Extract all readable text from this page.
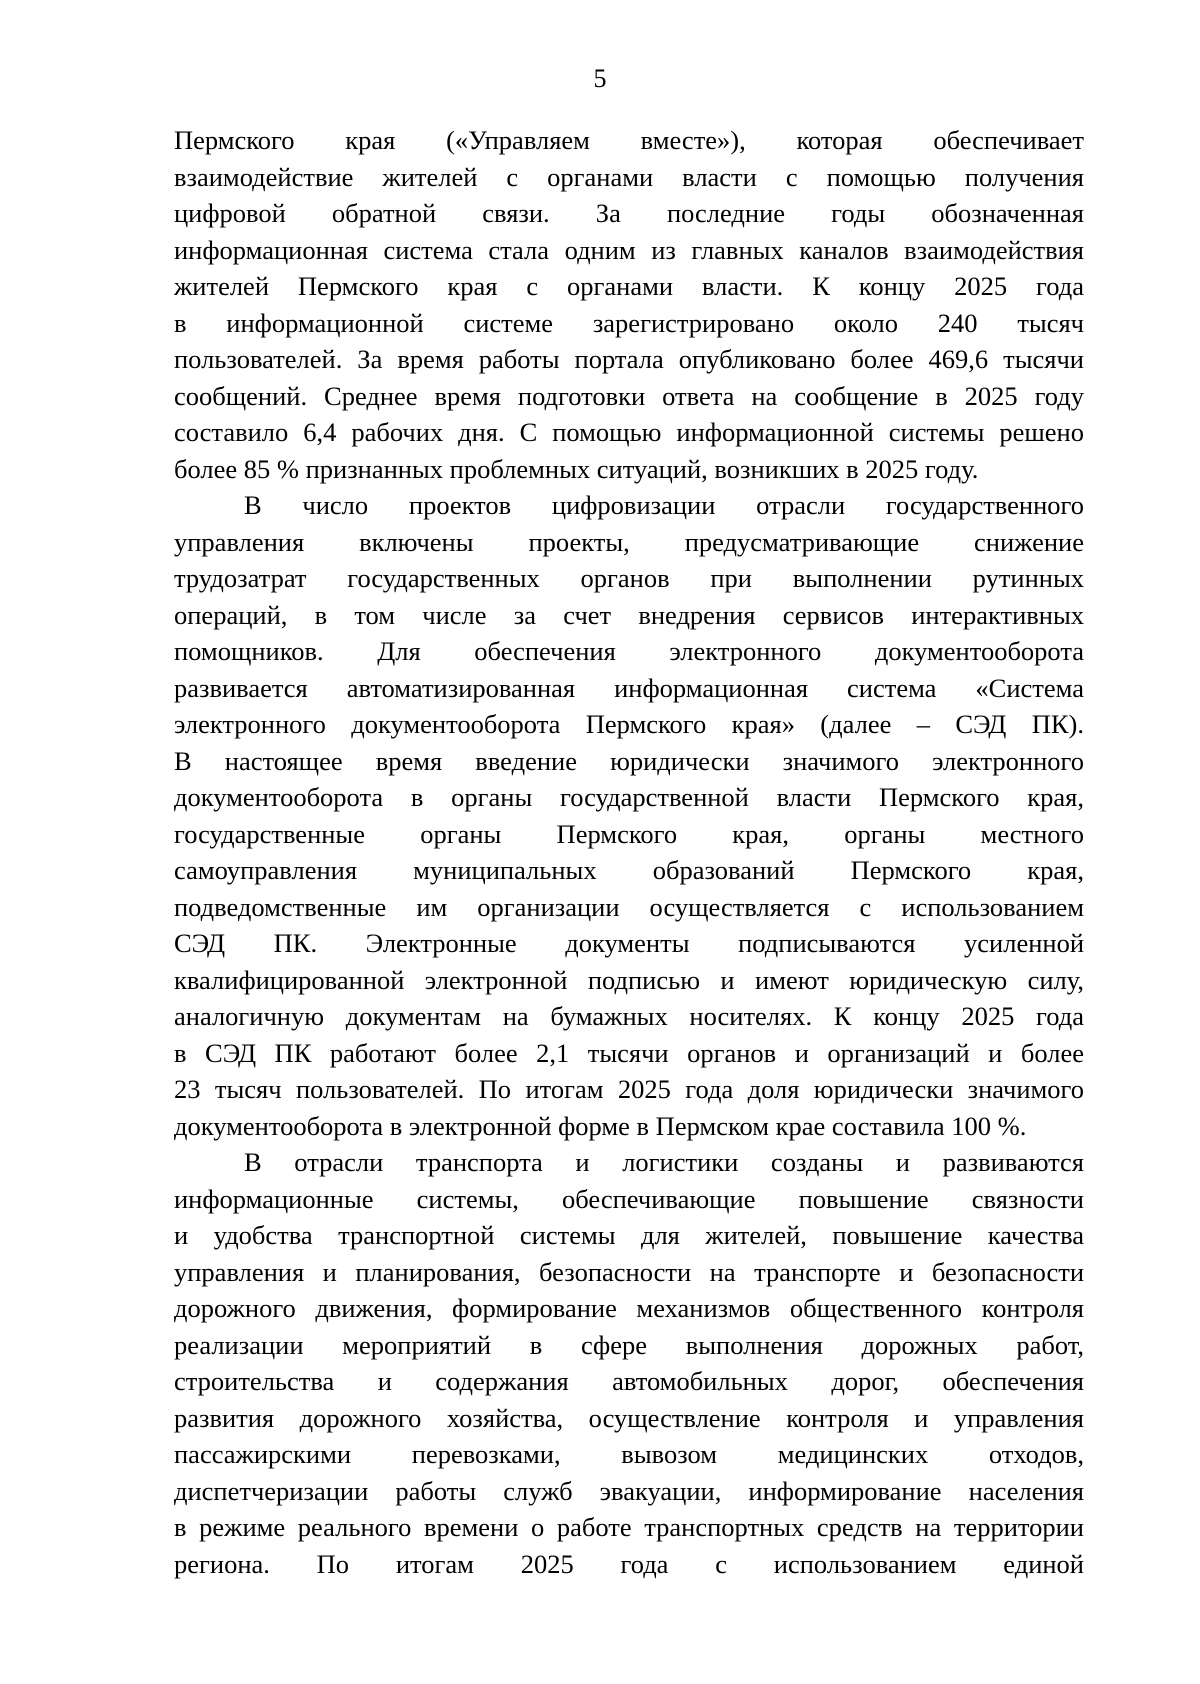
5
Пермского края («Управляем вместе»), которая обеспечивает
взаимодействие жителей с органами власти с помощью получения
цифровой обратной связи. За последние годы обозначенная
информационная система стала одним из главных каналов взаимодействия
жителей Пермского края с органами власти. К концу 2025 года
в информационной системе зарегистрировано около 240 тысяч
пользователей. За время работы портала опубликовано более 469,6 тысячи
сообщений. Среднее время подготовки ответа на сообщение в 2025 году
составило 6,4 рабочих дня. С помощью информационной системы решено
более 85 % признанных проблемных ситуаций, возникших в 2025 году.
В число проектов цифровизации отрасли государственного
управления включены проекты, предусматривающие снижение
трудозатрат государственных органов при выполнении рутинных
операций, в том числе за счет внедрения сервисов интерактивных
помощников. Для обеспечения электронного документооборота
развивается автоматизированная информационная система «Система
электронного документооборота Пермского края» (далее – СЭД ПК).
В настоящее время введение юридически значимого электронного
документооборота в органы государственной власти Пермского края,
государственные органы Пермского края, органы местного
самоуправления муниципальных образований Пермского края,
подведомственные им организации осуществляется с использованием
СЭД ПК. Электронные документы подписываются усиленной
квалифицированной электронной подписью и имеют юридическую силу,
аналогичную документам на бумажных носителях. К концу 2025 года
в СЭД ПК работают более 2,1 тысячи органов и организаций и более
23 тысяч пользователей. По итогам 2025 года доля юридически значимого
документооборота в электронной форме в Пермском крае составила 100 %.
В отрасли транспорта и логистики созданы и развиваются
информационные системы, обеспечивающие повышение связности
и удобства транспортной системы для жителей, повышение качества
управления и планирования, безопасности на транспорте и безопасности
дорожного движения, формирование механизмов общественного контроля
реализации мероприятий в сфере выполнения дорожных работ,
строительства и содержания автомобильных дорог, обеспечения
развития дорожного хозяйства, осуществление контроля и управления
пассажирскими перевозками, вывозом медицинских отходов,
диспетчеризации работы служб эвакуации, информирование населения
в режиме реального времени о работе транспортных средств на территории
региона. По итогам 2025 года с использованием единой
